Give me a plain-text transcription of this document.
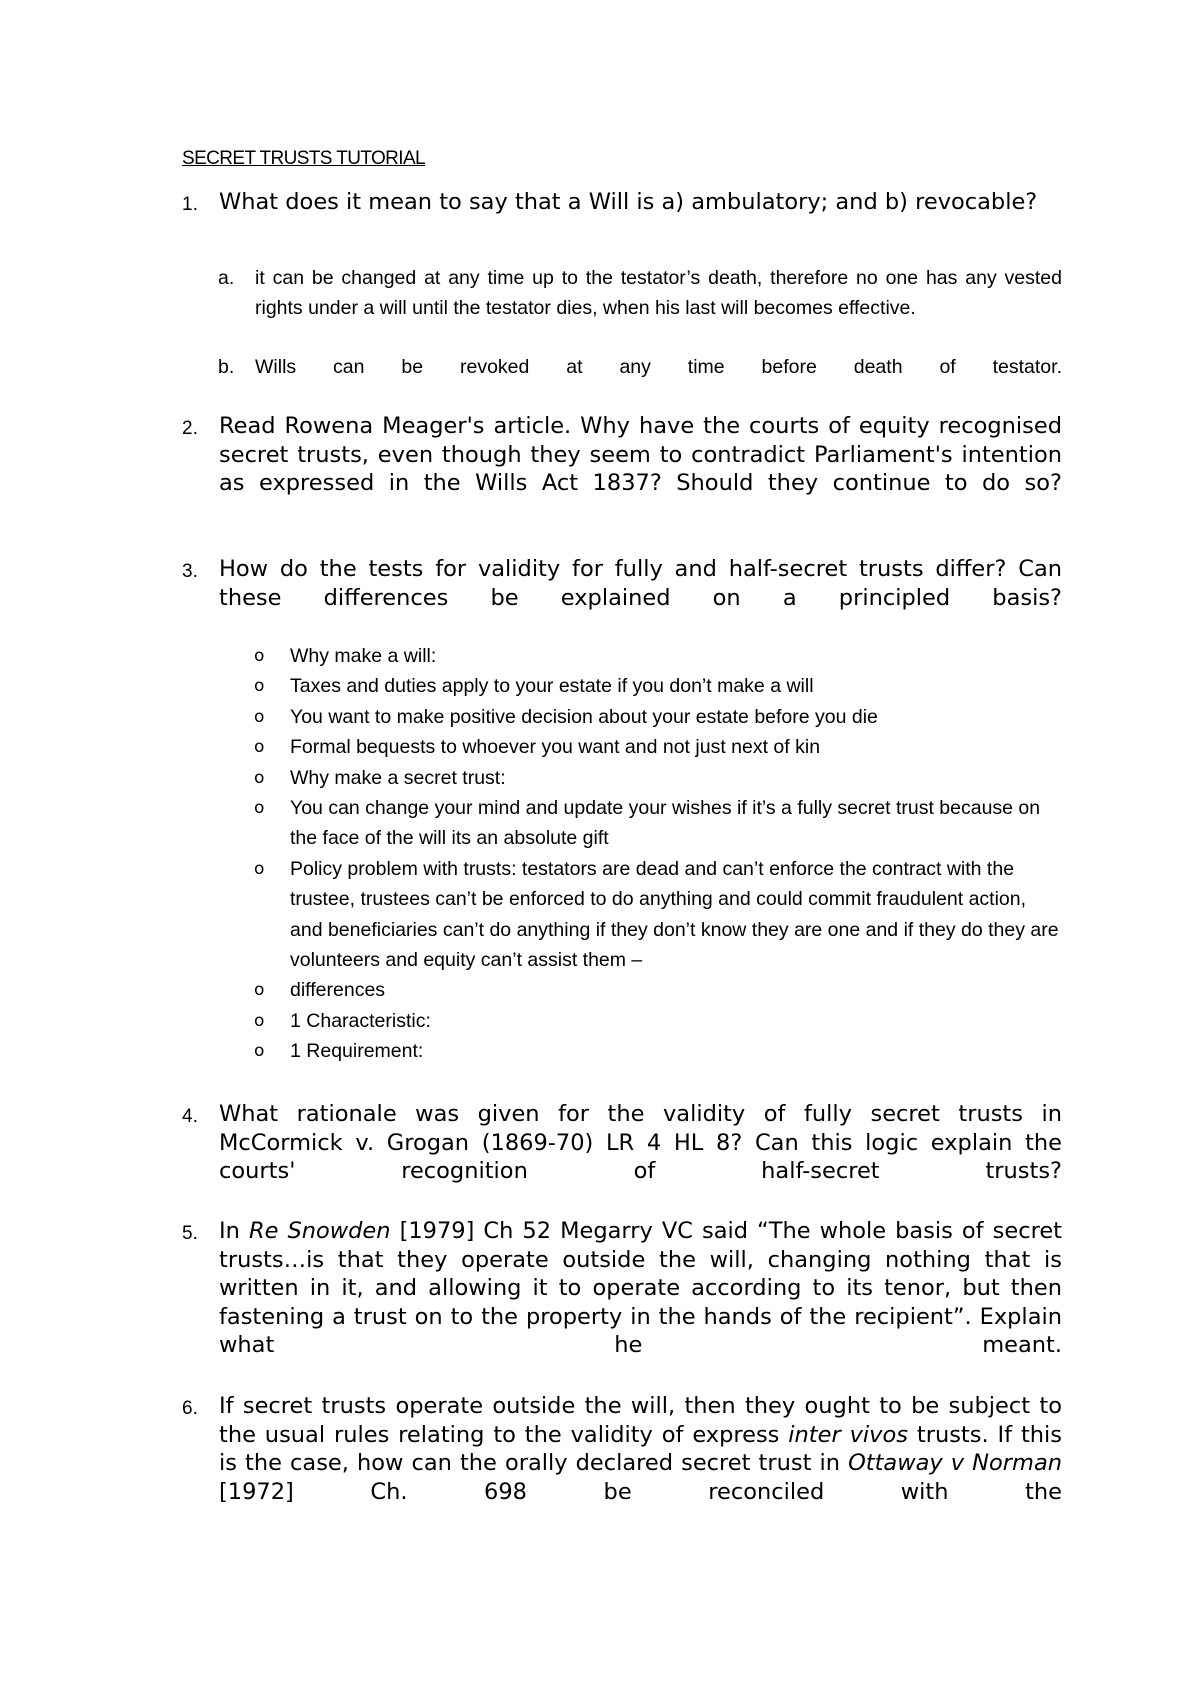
SECRET TRUSTS TUTORIAL
1. What does it mean to say that a Will is a) ambulatory; and b) revocable?
a. it can be changed at any time up to the testator’s death, therefore no one has any vested rights under a will until the testator dies, when his last will becomes effective.
b. Wills can be revoked at any time before death of testator.
2. Read Rowena Meager's article. Why have the courts of equity recognised secret trusts, even though they seem to contradict Parliament's intention as expressed in the Wills Act 1837? Should they continue to do so?
3. How do the tests for validity for fully and half-secret trusts differ? Can these differences be explained on a principled basis?
o Why make a will:
o Taxes and duties apply to your estate if you don’t make a will
o You want to make positive decision about your estate before you die
o Formal bequests to whoever you want and not just next of kin
o Why make a secret trust:
o You can change your mind and update your wishes if it’s a fully secret trust because on the face of the will its an absolute gift
o Policy problem with trusts: testators are dead and can’t enforce the contract with the trustee, trustees can’t be enforced to do anything and could commit fraudulent action, and beneficiaries can’t do anything if they don’t know they are one and if they do they are volunteers and equity can’t assist them –
o differences
o 1 Characteristic:
o 1 Requirement:
4. What rationale was given for the validity of fully secret trusts in McCormick v. Grogan (1869-70) LR 4 HL 8? Can this logic explain the courts' recognition of half-secret trusts?
5. In Re Snowden [1979] Ch 52 Megarry VC said “The whole basis of secret trusts…is that they operate outside the will, changing nothing that is written in it, and allowing it to operate according to its tenor, but then fastening a trust on to the property in the hands of the recipient”. Explain what he meant.
6. If secret trusts operate outside the will, then they ought to be subject to the usual rules relating to the validity of express inter vivos trusts. If this is the case, how can the orally declared secret trust in Ottaway v Norman [1972] Ch. 698 be reconciled with the
